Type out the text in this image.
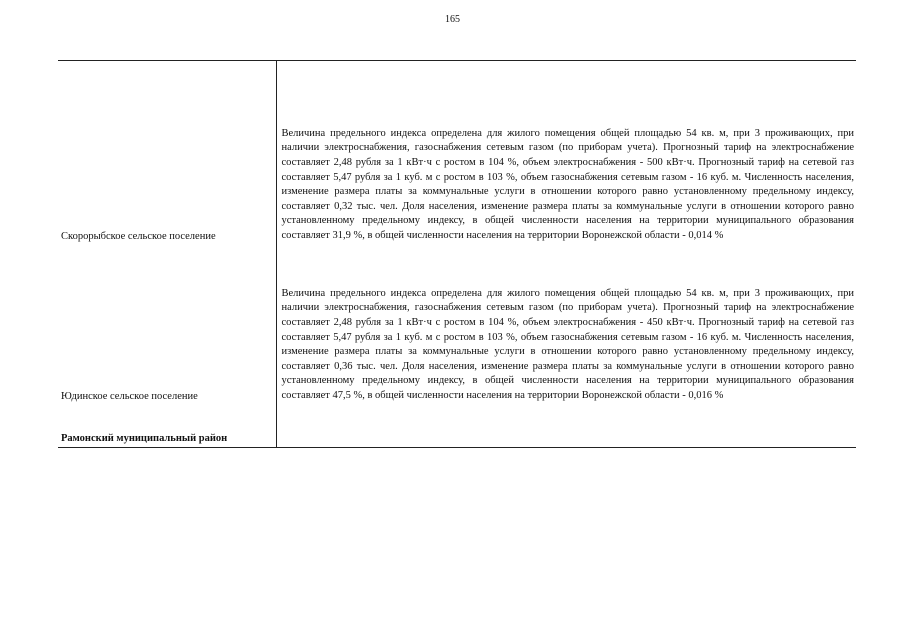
165
Скорорыбское сельское поселение	Величина предельного индекса определена для жилого помещения общей площадью 54 кв. м, при 3 проживающих, при наличии электроснабжения, газоснабжения сетевым газом (по приборам учета). Прогнозный тариф на электроснабжение составляет 2,48 рубля за 1 кВт·ч с ростом в 104 %, объем электроснабжения - 500 кВт·ч. Прогнозный тариф на сетевой газ составляет 5,47 рубля за 1 куб. м с ростом в 103 %, объем газоснабжения сетевым газом - 16 куб. м. Численность населения, изменение размера платы за коммунальные услуги в отношении которого равно установленному предельному индексу, составляет 0,32 тыс. чел. Доля населения, изменение размера платы за коммунальные услуги в отношении которого равно установленному предельному индексу, в общей численности населения на территории муниципального образования составляет 31,9 %, в общей численности населения на территории Воронежской области - 0,014 %
Юдинское сельское поселение	Величина предельного индекса определена для жилого помещения общей площадью 54 кв. м, при 3 проживающих, при наличии электроснабжения, газоснабжения сетевым газом (по приборам учета). Прогнозный тариф на электроснабжение составляет 2,48 рубля за 1 кВт·ч с ростом в 104 %, объем электроснабжения - 450 кВт·ч. Прогнозный тариф на сетевой газ составляет 5,47 рубля за 1 куб. м с ростом в 103 %, объем газоснабжения сетевым газом - 16 куб. м. Численность населения, изменение размера платы за коммунальные услуги в отношении которого равно установленному предельному индексу, составляет 0,36 тыс. чел. Доля населения, изменение размера платы за коммунальные услуги в отношении которого равно установленному предельному индексу, в общей численности населения на территории муниципального образования составляет 47,5 %, в общей численности населения на территории Воронежской области - 0,016 %
Рамонский муниципальный район	
